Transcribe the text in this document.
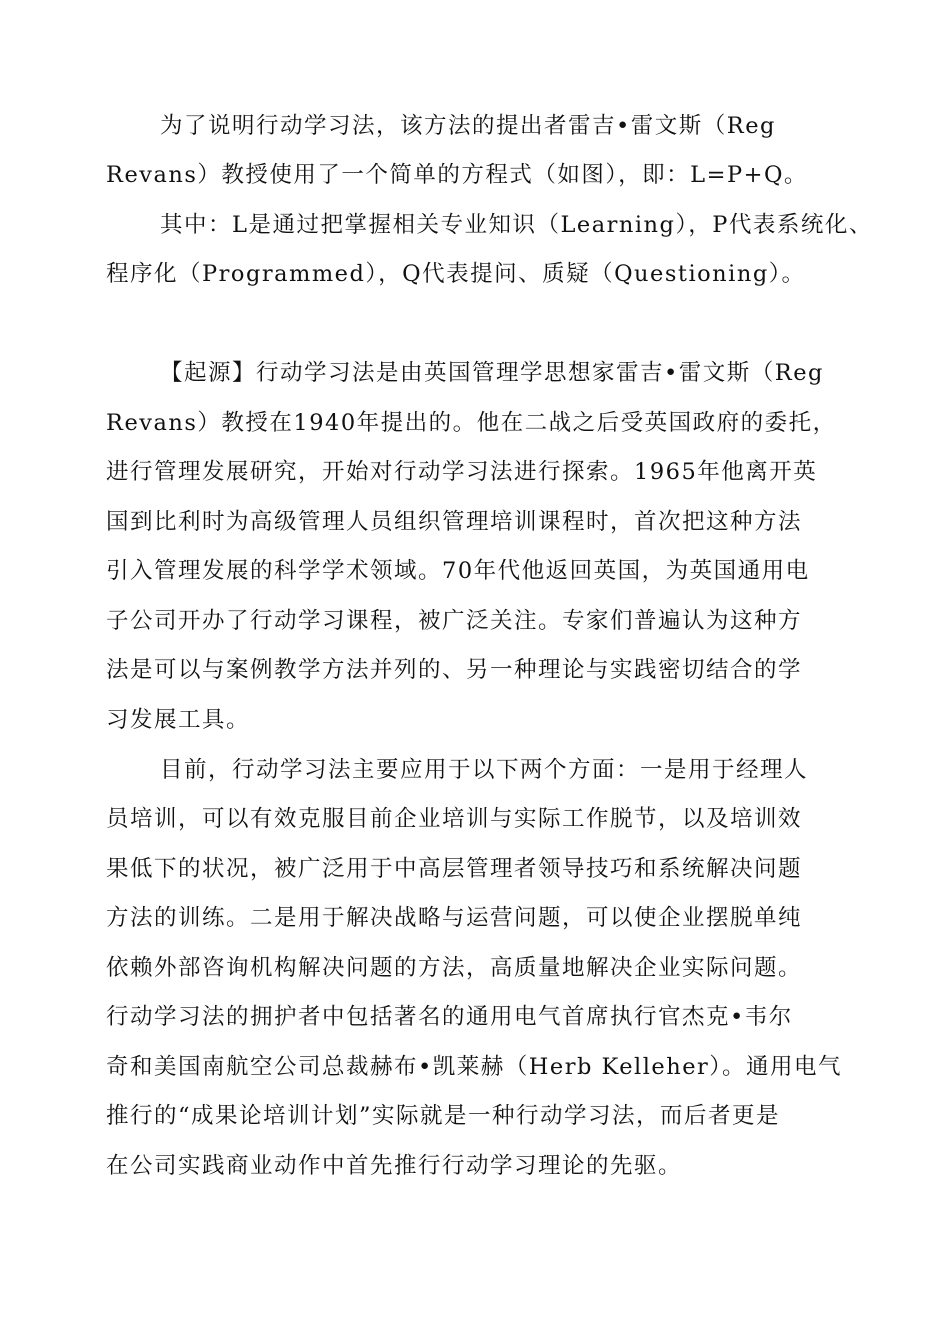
为了说明行动学习法，该方法的提出者雷吉•雷文斯（Reg
Revans）教授使用了一个简单的方程式（如图），即：L=P+Q。
其中：L是通过把掌握相关专业知识（Learning），P代表系统化、
程序化（Programmed），Q代表提问、质疑（Questioning）。
【起源】行动学习法是由英国管理学思想家雷吉•雷文斯（Reg
Revans）教授在1940年提出的。他在二战之后受英国政府的委托，
进行管理发展研究，开始对行动学习法进行探索。1965年他离开英
国到比利时为高级管理人员组织管理培训课程时，首次把这种方法
引入管理发展的科学学术领域。70年代他返回英国，为英国通用电
子公司开办了行动学习课程，被广泛关注。专家们普遍认为这种方
法是可以与案例教学方法并列的、另一种理论与实践密切结合的学
习发展工具。
目前，行动学习法主要应用于以下两个方面：一是用于经理人
员培训，可以有效克服目前企业培训与实际工作脱节，以及培训效
果低下的状况，被广泛用于中高层管理者领导技巧和系统解决问题
方法的训练。二是用于解决战略与运营问题，可以使企业摆脱单纯
依赖外部咨询机构解决问题的方法，高质量地解决企业实际问题。
行动学习法的拥护者中包括著名的通用电气首席执行官杰克•韦尔
奇和美国南航空公司总裁赫布•凯莱赫（Herb Kelleher）。通用电气
推行的“成果论培训计划”实际就是一种行动学习法，而后者更是
在公司实践商业动作中首先推行行动学习理论的先驱。
